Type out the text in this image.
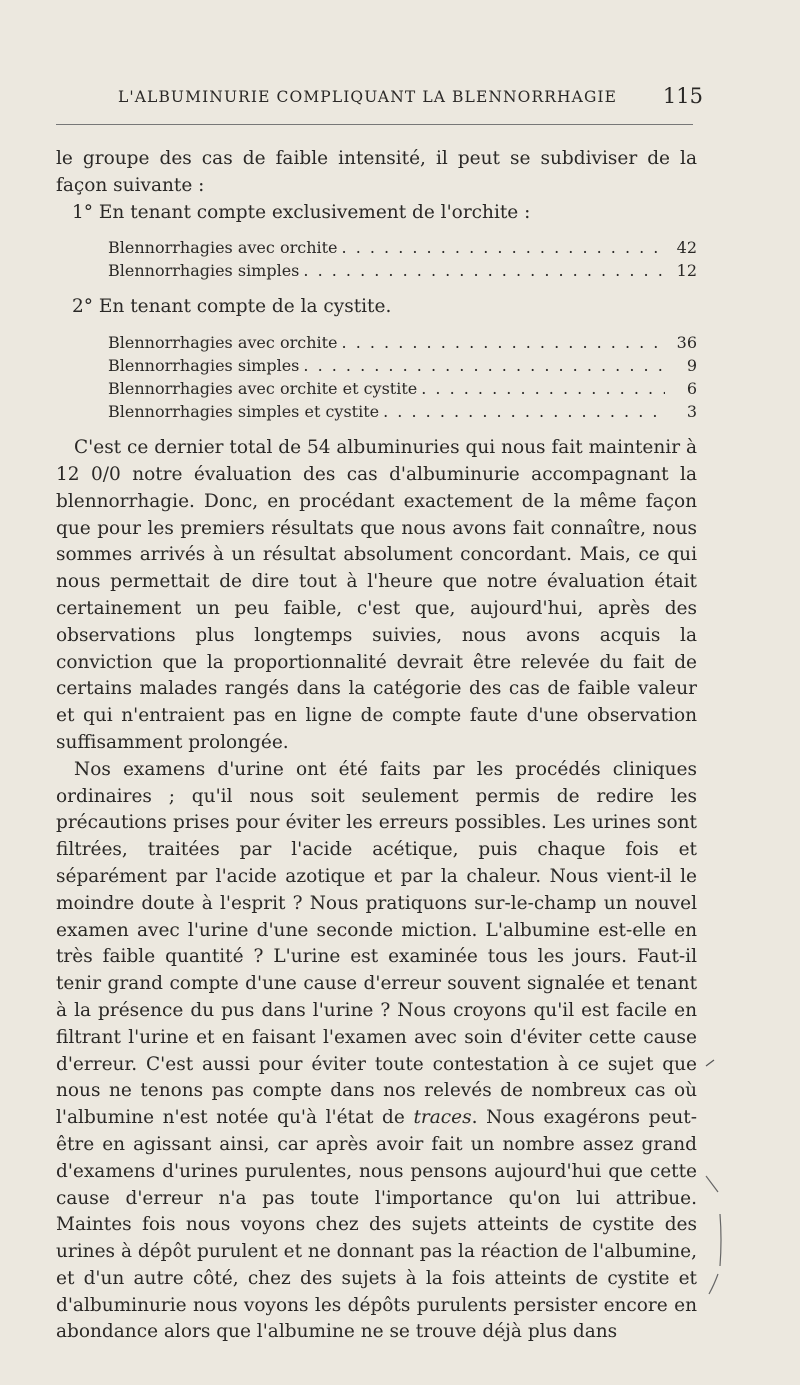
L'ALBUMINURIE COMPLIQUANT LA BLENNORRHAGIE 115

le groupe des cas de faible intensité, il peut se subdiviser de la façon suivante :

1° En tenant compte exclusivement de l'orchite :

Blennorrhagies avec orchite . . .	42
Blennorrhagies simples . . .	12

2° En tenant compte de la cystite.

Blennorrhagies avec orchite . . .	36
Blennorrhagies simples . . .	9
Blennorrhagies avec orchite et cystite . . .	6
Blennorrhagies simples et cystite . . .	3

C'est ce dernier total de 54 albuminuries qui nous fait maintenir à 12 0/0 notre évaluation des cas d'albuminurie accompagnant la blennorrhagie. Donc, en procédant exactement de la même façon que pour les premiers résultats que nous avons fait connaître, nous sommes arrivés à un résultat absolument concordant. Mais, ce qui nous permettait de dire tout à l'heure que notre évaluation était certainement un peu faible, c'est que, aujourd'hui, après des observations plus longtemps suivies, nous avons acquis la conviction que la proportionnalité devrait être relevée du fait de certains malades rangés dans la catégorie des cas de faible valeur et qui n'entraient pas en ligne de compte faute d'une observation suffisamment prolongée.

Nos examens d'urine ont été faits par les procédés cliniques ordinaires ; qu'il nous soit seulement permis de redire les précautions prises pour éviter les erreurs possibles. Les urines sont filtrées, traitées par l'acide acétique, puis chaque fois et séparément par l'acide azotique et par la chaleur. Nous vient-il le moindre doute à l'esprit ? Nous pratiquons sur-le-champ un nouvel examen avec l'urine d'une seconde miction. L'albumine est-elle en très faible quantité ? L'urine est examinée tous les jours. Faut-il tenir grand compte d'une cause d'erreur souvent signalée et tenant à la présence du pus dans l'urine ? Nous croyons qu'il est facile en filtrant l'urine et en faisant l'examen avec soin d'éviter cette cause d'erreur. C'est aussi pour éviter toute contestation à ce sujet que nous ne tenons pas compte dans nos relevés de nombreux cas où l'albumine n'est notée qu'à l'état de traces. Nous exagérons peut-être en agissant ainsi, car après avoir fait un nombre assez grand d'examens d'urines purulentes, nous pensons aujourd'hui que cette cause d'erreur n'a pas toute l'importance qu'on lui attribue. Maintes fois nous voyons chez des sujets atteints de cystite des urines à dépôt purulent et ne donnant pas la réaction de l'albumine, et d'un autre côté, chez des sujets à la fois atteints de cystite et d'albuminurie nous voyons les dépôts purulents persister encore en abondance alors que l'albumine ne se trouve déjà plus dans
